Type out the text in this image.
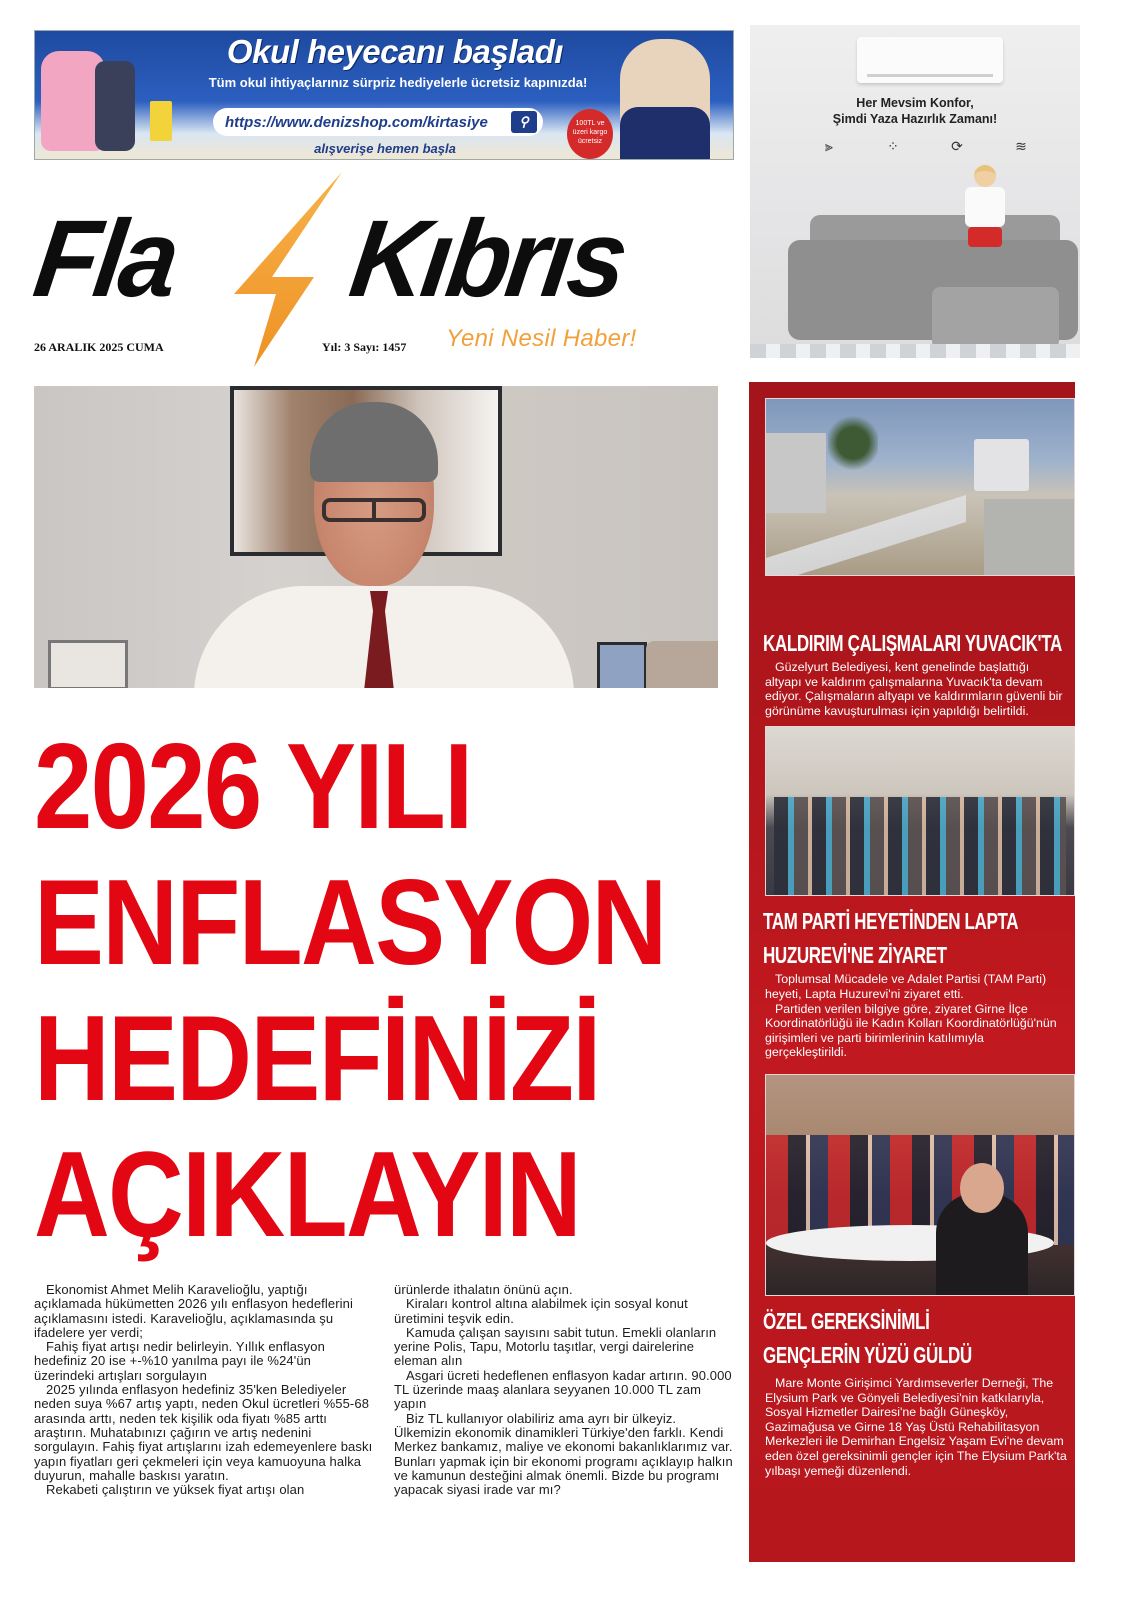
Okul heyecanı başladı
Tüm okul ihtiyaçlarınız sürpriz hediyelerle ücretsiz kapınızda!
https://www.denizshop.com/kirtasiye	⚲
alışverişe hemen başla
100TL ve üzeri kargo ücretsiz
Her Mevsim Konfor,
Şimdi Yaza Hazırlık Zamanı!
⫸
	⁘
	⟳
	≋

Fla Kıbrıs
26 ARALIK 2025 CUMA	Yıl: 3 Sayı: 1457 Yeni Nesil Haber!
2026 YILI
ENFLASYON
HEDEFİNİZİ
AÇIKLAYIN

Ekonomist Ahmet Melih Karavelioğlu, yaptığı açıklamada hükümetten 2026 yılı enflasyon hedeflerini açıklamasını istedi. Karavelioğlu, açıklamasında şu ifadelere yer verdi;

Fahiş fiyat artışı nedir belirleyin. Yıllık enflasyon hedefiniz 20 ise +-%10 yanılma payı ile %24'ün üzerindeki artışları sorgulayın

2025 yılında enflasyon hedefiniz 35'ken Belediyeler neden suya %67 artış yaptı, neden Okul ücretleri %55-68 arasında arttı, neden tek kişilik oda fiyatı %85 arttı araştırın. Muhatabınızı çağırın ve artış nedenini sorgulayın. Fahiş fiyat artışlarını izah edemeyenlere baskı yapın fiyatları geri çekmeleri için veya kamuoyuna halka duyurun, mahalle baskısı yaratın.

Rekabeti çalıştırın ve yüksek fiyat artışı olan

ürünlerde ithalatın önünü açın.

Kiraları kontrol altına alabilmek için sosyal konut üretimini teşvik edin.

Kamuda çalışan sayısını sabit tutun. Emekli olanların yerine Polis, Tapu, Motorlu taşıtlar, vergi dairelerine eleman alın

Asgari ücreti hedeflenen enflasyon kadar artırın. 90.000 TL üzerinde maaş alanlara seyyanen 10.000 TL zam yapın

Biz TL kullanıyor olabiliriz ama ayrı bir ülkeyiz. Ülkemizin ekonomik dinamikleri Türkiye'den farklı. Kendi Merkez bankamız, maliye ve ekonomi bakanlıklarımız var. Bunları yapmak için bir ekonomi programı açıklayıp halkın ve kamunun desteğini almak önemli. Bizde bu programı yapacak siyasi irade var mı?

KALDIRIM ÇALIŞMALARI YUVACIK'TA

Güzelyurt Belediyesi, kent genelinde başlattığı altyapı ve kaldırım çalışmalarına Yuvacık'ta devam ediyor. Çalışmaların altyapı ve kaldırımların güvenli bir görünüme kavuşturulması için yapıldığı belirtildi.

TAM PARTİ HEYETİNDEN LAPTA
HUZUREVİ'NE ZİYARET

Toplumsal Mücadele ve Adalet Partisi (TAM Parti) heyeti, Lapta Huzurevi'ni ziyaret etti.

Partiden verilen bilgiye göre, ziyaret Girne İlçe Koordinatörlüğü ile Kadın Kolları Koordinatörlüğü'nün girişimleri ve parti birimlerinin katılımıyla gerçekleştirildi.

ÖZEL GEREKSİNİMLİ
GENÇLERİN YÜZÜ GÜLDÜ

Mare Monte Girişimci Yardımseverler Derneği, The Elysium Park ve Gönyeli Belediyesi'nin katkılarıyla, Sosyal Hizmetler Dairesi'ne bağlı Güneşköy, Gazimağusa ve Girne 18 Yaş Üstü Rehabilitasyon Merkezleri ile Demirhan Engelsiz Yaşam Evi'ne devam eden özel gereksinimli gençler için The Elysium Park'ta yılbaşı yemeği düzenlendi.
